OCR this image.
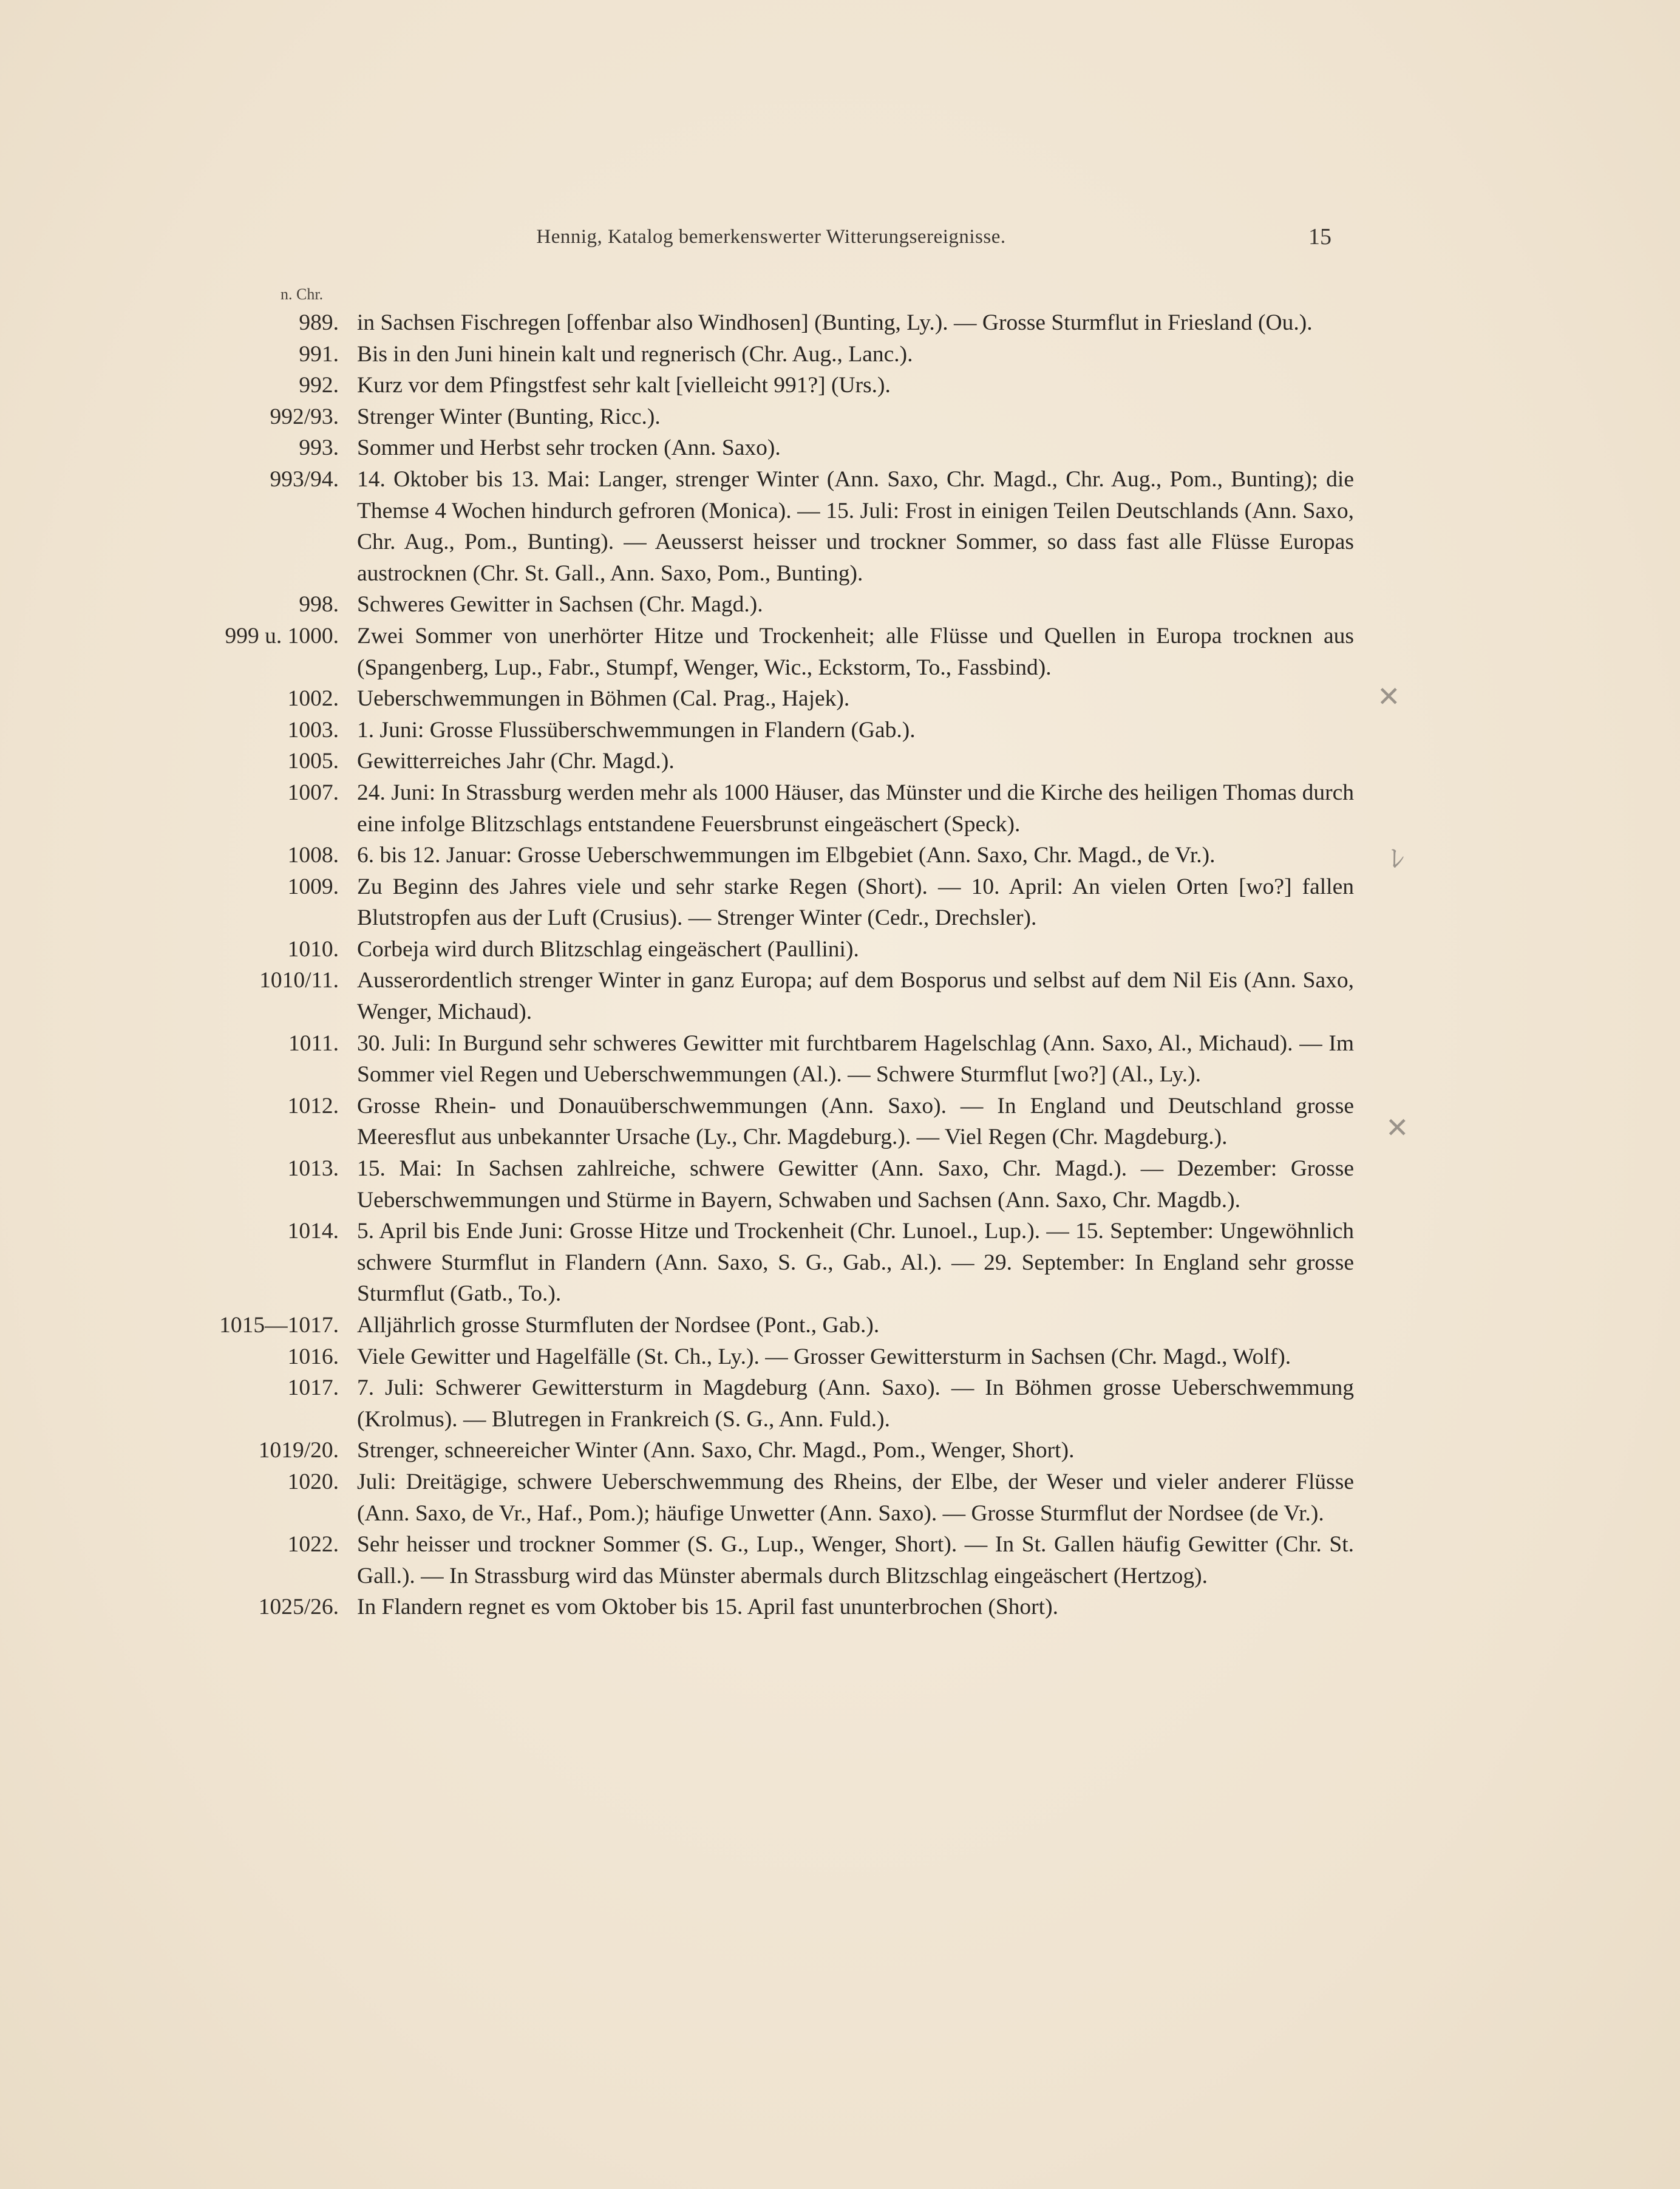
Hennig, Katalog bemerkenswerter Witterungsereignisse.	15
n. Chr.
989. in Sachsen Fischregen [offenbar also Windhosen] (Bunting, Ly.). — Grosse Sturmflut in Friesland (Ou.).
991. Bis in den Juni hinein kalt und regnerisch (Chr. Aug., Lanc.).
992. Kurz vor dem Pfingstfest sehr kalt [vielleicht 991?] (Urs.).
992/93. Strenger Winter (Bunting, Ricc.).
993. Sommer und Herbst sehr trocken (Ann. Saxo).
993/94. 14. Oktober bis 13. Mai: Langer, strenger Winter (Ann. Saxo, Chr. Magd., Chr. Aug., Pom., Bunting); die Themse 4 Wochen hindurch gefroren (Monica). — 15. Juli: Frost in einigen Teilen Deutschlands (Ann. Saxo, Chr. Aug., Pom., Bunting). — Aeusserst heisser und trockner Sommer, so dass fast alle Flüsse Europas austrocknen (Chr. St. Gall., Ann. Saxo, Pom., Bunting).
998. Schweres Gewitter in Sachsen (Chr. Magd.).
999 u. 1000. Zwei Sommer von unerhörter Hitze und Trockenheit; alle Flüsse und Quellen in Europa trocknen aus (Spangenberg, Lup., Fabr., Stumpf, Wenger, Wic., Eckstorm, To., Fassbind).
1002. Ueberschwemmungen in Böhmen (Cal. Prag., Hajek).
1003. 1. Juni: Grosse Flussüberschwemmungen in Flandern (Gab.).
1005. Gewitterreiches Jahr (Chr. Magd.).
1007. 24. Juni: In Strassburg werden mehr als 1000 Häuser, das Münster und die Kirche des heiligen Thomas durch eine infolge Blitzschlags entstandene Feuersbrunst eingeäschert (Speck).
1008. 6. bis 12. Januar: Grosse Ueberschwemmungen im Elbgebiet (Ann. Saxo, Chr. Magd., de Vr.).
1009. Zu Beginn des Jahres viele und sehr starke Regen (Short). — 10. April: An vielen Orten [wo?] fallen Blutstropfen aus der Luft (Crusius). — Strenger Winter (Cedr., Drechsler).
1010. Corbeja wird durch Blitzschlag eingeäschert (Paullini).
1010/11. Ausserordentlich strenger Winter in ganz Europa; auf dem Bosporus und selbst auf dem Nil Eis (Ann. Saxo, Wenger, Michaud).
1011. 30. Juli: In Burgund sehr schweres Gewitter mit furchtbarem Hagelschlag (Ann. Saxo, Al., Michaud). — Im Sommer viel Regen und Ueberschwemmungen (Al.). — Schwere Sturmflut [wo?] (Al., Ly.).
1012. Grosse Rhein- und Donauüberschwemmungen (Ann. Saxo). — In England und Deutschland grosse Meeresflut aus unbekannter Ursache (Ly., Chr. Magdeburg.). — Viel Regen (Chr. Magdeburg.).
1013. 15. Mai: In Sachsen zahlreiche, schwere Gewitter (Ann. Saxo, Chr. Magd.). — Dezember: Grosse Ueberschwemmungen und Stürme in Bayern, Schwaben und Sachsen (Ann. Saxo, Chr. Magdb.).
1014. 5. April bis Ende Juni: Grosse Hitze und Trockenheit (Chr. Lunoel., Lup.). — 15. September: Ungewöhnlich schwere Sturmflut in Flandern (Ann. Saxo, S. G., Gab., Al.). — 29. September: In England sehr grosse Sturmflut (Gatb., To.).
1015—1017. Alljährlich grosse Sturmfluten der Nordsee (Pont., Gab.).
1016. Viele Gewitter und Hagelfälle (St. Ch., Ly.). — Grosser Gewittersturm in Sachsen (Chr. Magd., Wolf).
1017. 7. Juli: Schwerer Gewittersturm in Magdeburg (Ann. Saxo). — In Böhmen grosse Ueberschwemmung (Krolmus). — Blutregen in Frankreich (S. G., Ann. Fuld.).
1019/20. Strenger, schneereicher Winter (Ann. Saxo, Chr. Magd., Pom., Wenger, Short).
1020. Juli: Dreitägige, schwere Ueberschwemmung des Rheins, der Elbe, der Weser und vieler anderer Flüsse (Ann. Saxo, de Vr., Haf., Pom.); häufige Unwetter (Ann. Saxo). — Grosse Sturmflut der Nordsee (de Vr.).
1022. Sehr heisser und trockner Sommer (S. G., Lup., Wenger, Short). — In St. Gallen häufig Gewitter (Chr. St. Gall.). — In Strassburg wird das Münster abermals durch Blitzschlag eingeäschert (Hertzog).
1025/26. In Flandern regnet es vom Oktober bis 15. April fast ununterbrochen (Short).
✕
ﾚ
✕
